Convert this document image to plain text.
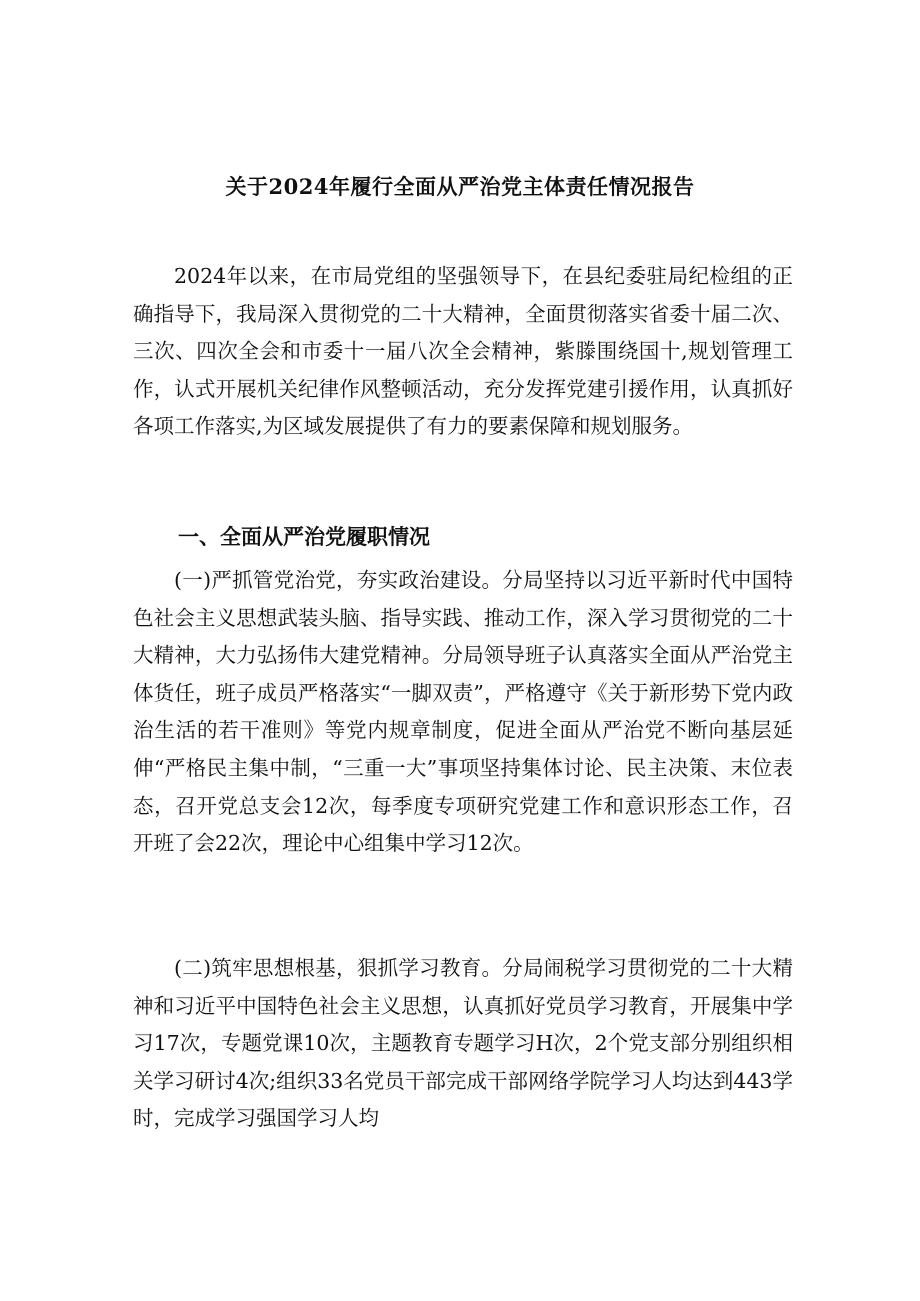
关于2024年履行全面从严治党主体责任情况报告

2024年以来，在市局党组的坚强领导下，在县纪委驻局纪检组的正确指导下，我局深入贯彻党的二十大精神，全面贯彻落实省委十届二次、三次、四次全会和市委十一届八次全会精神，紫滕围绕国十,规划管理工作，认式开展机关纪律作风整顿活动，充分发挥党建引援作用，认真抓好各项工作落实,为区域发展提供了有力的要素保障和规划服务。

一、全面从严治党履职情况

(一)严抓管党治党，夯实政治建设。分局坚持以习近平新时代中国特色社会主义思想武装头脑、指导实践、推动工作，深入学习贯彻党的二十大精神，大力弘扬伟大建党精神。分局领导班子认真落实全面从严治党主体货任，班子成员严格落实“一脚双责”，严格遵守《关于新形势下党内政治生活的若干准则》等党内规章制度，促进全面从严治党不断向基层延伸“严格民主集中制，“三重一大”事项坚持集体讨论、民主决策、末位表态，召开党总支会12次，每季度专项研究党建工作和意识形态工作，召开班了会22次，理论中心组集中学习12次。

(二)筑牢思想根基，狠抓学习教育。分局闹税学习贯彻党的二十大精神和习近平中国特色社会主义思想，认真抓好党员学习教育，开展集中学习17次，专题党课10次，主题教育专题学习H次，2个党支部分别组织相关学习研讨4次;组织33名党员干部完成干部网络学院学习人均达到443学时，完成学习强国学习人均
